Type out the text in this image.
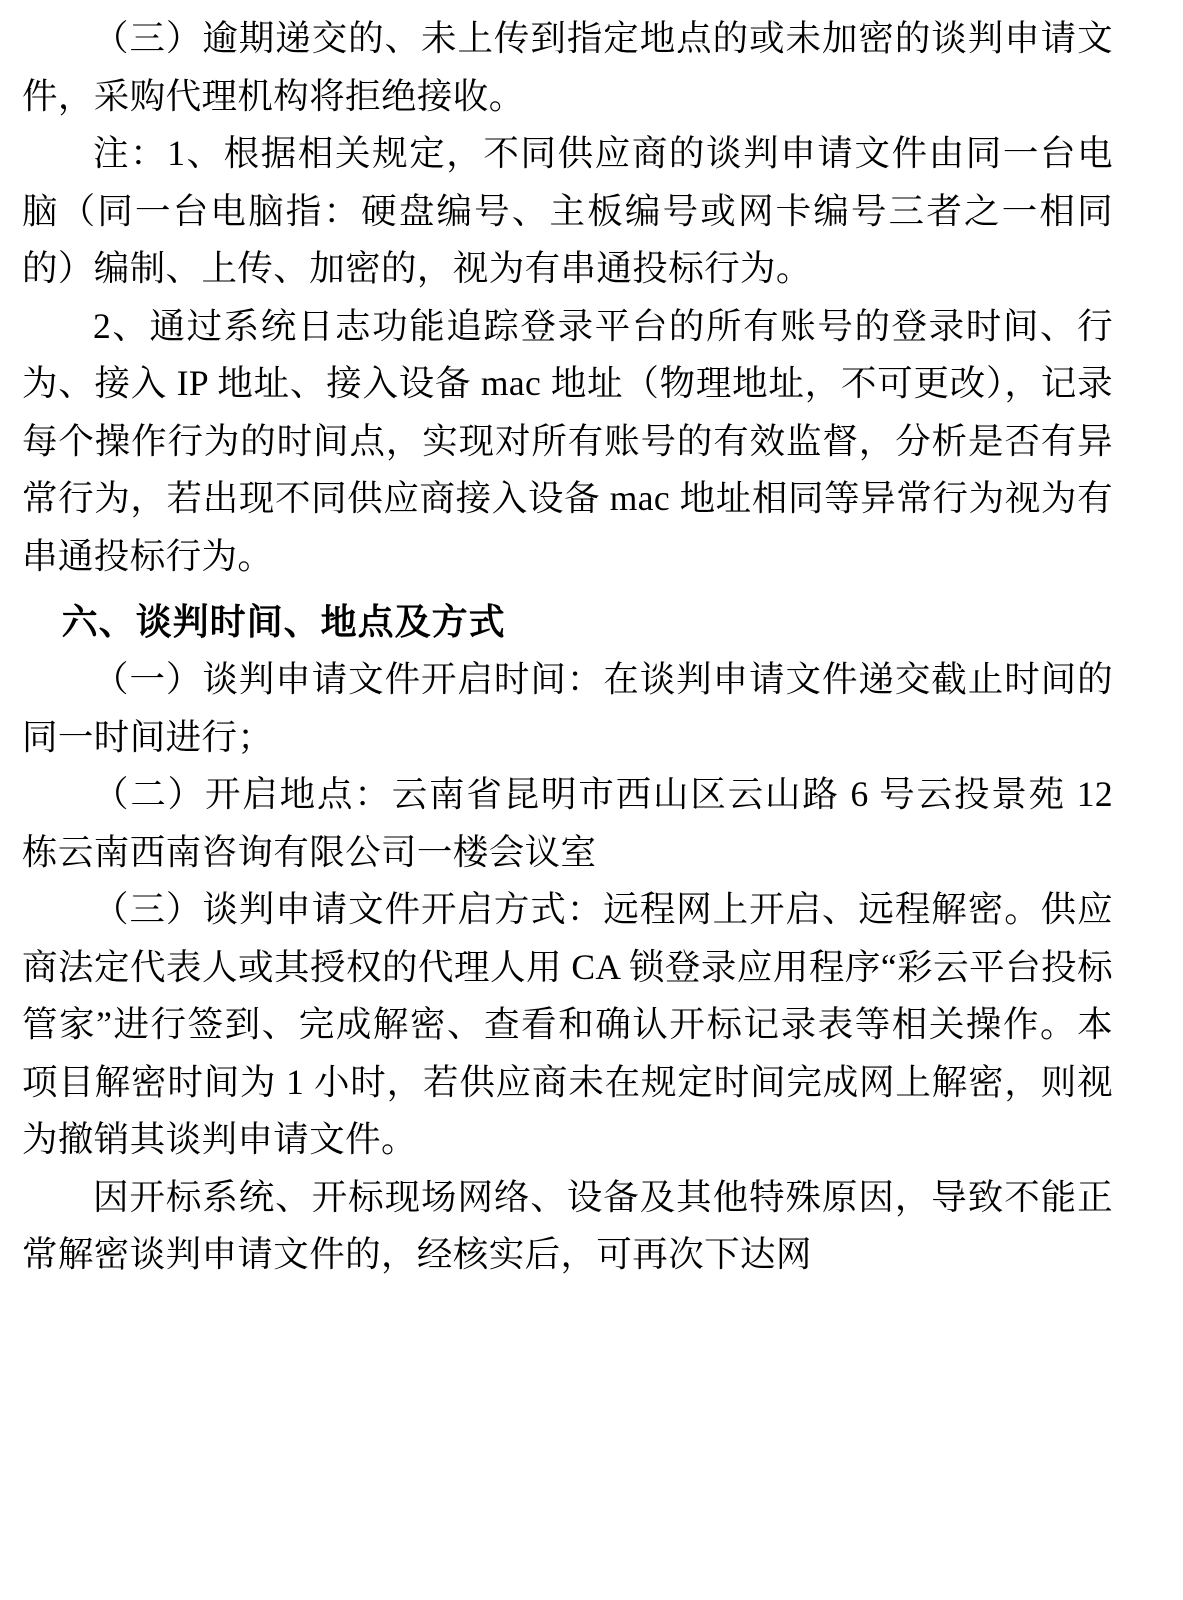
（三）逾期递交的、未上传到指定地点的或未加密的谈判申请文件，采购代理机构将拒绝接收。

注：1、根据相关规定，不同供应商的谈判申请文件由同一台电脑（同一台电脑指：硬盘编号、主板编号或网卡编号三者之一相同的）编制、上传、加密的，视为有串通投标行为。

2、通过系统日志功能追踪登录平台的所有账号的登录时间、行为、接入 IP 地址、接入设备 mac 地址（物理地址，不可更改），记录每个操作行为的时间点，实现对所有账号的有效监督，分析是否有异常行为，若出现不同供应商接入设备 mac 地址相同等异常行为视为有串通投标行为。

六、谈判时间、地点及方式

（一）谈判申请文件开启时间：在谈判申请文件递交截止时间的同一时间进行；

（二）开启地点：云南省昆明市西山区云山路 6 号云投景苑 12 栋云南西南咨询有限公司一楼会议室

（三）谈判申请文件开启方式：远程网上开启、远程解密。供应商法定代表人或其授权的代理人用 CA 锁登录应用程序“彩云平台投标管家”进行签到、完成解密、查看和确认开标记录表等相关操作。本项目解密时间为 1 小时，若供应商未在规定时间完成网上解密，则视为撤销其谈判申请文件。

因开标系统、开标现场网络、设备及其他特殊原因，导致不能正常解密谈判申请文件的，经核实后，可再次下达网
